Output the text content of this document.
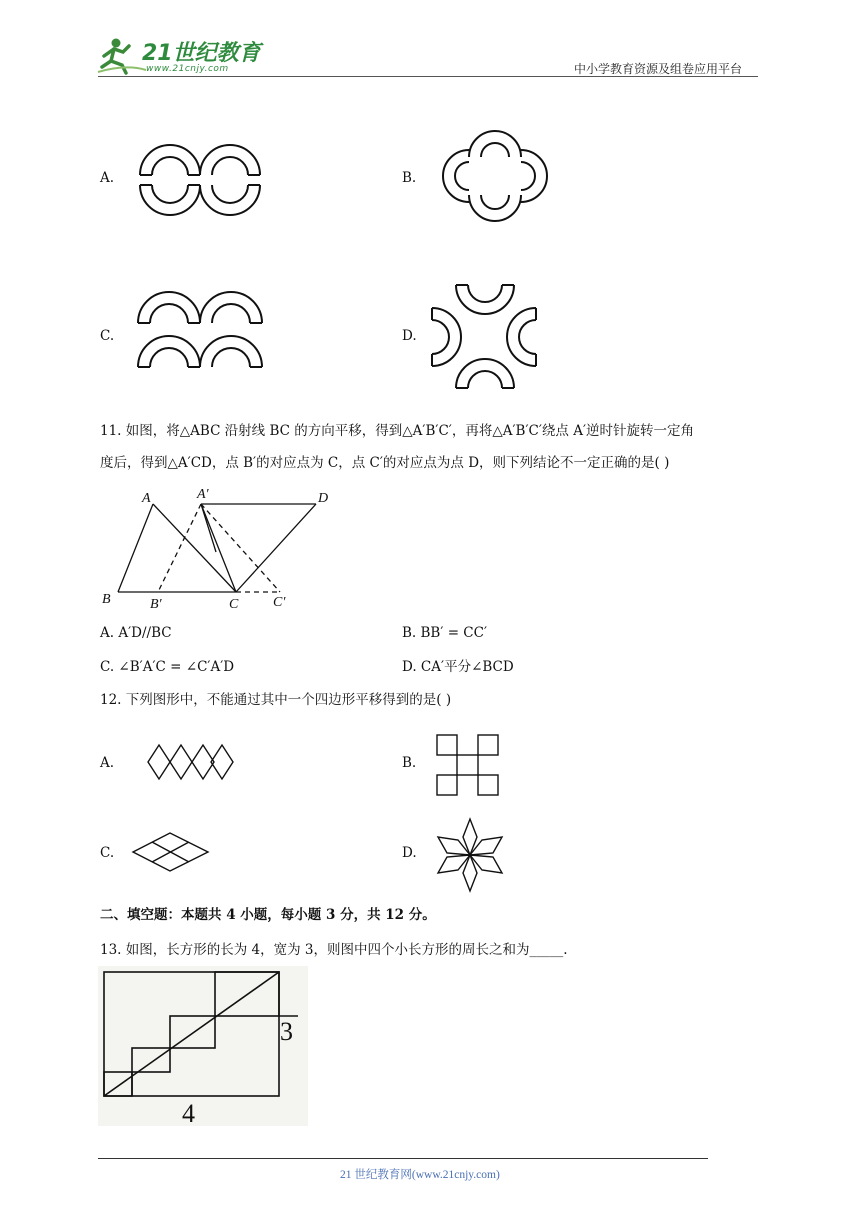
21世纪教育
www.21cnjy.com	中小学教育资源及组卷应用平台
A.	B.
C.	D.
11. 如图，将△ABC 沿射线 BC 的方向平移，得到△A′B′C′，再将△A′B′C′绕点 A′逆时针旋转一定角
度后，得到△A′CD，点 B′的对应点为 C，点 C′的对应点为点 D，则下列结论不一定正确的是( )
A	A′	D
B	B′	C C′
A. A′D//BC	B. BB′ = CC′
C. ∠B′A′C = ∠C′A′D	D. CA′平分∠BCD
12. 下列图形中，不能通过其中一个四边形平移得到的是( )
A.	B.
C.	D.
二、填空题：本题共 4 小题，每小题 3 分，共 12 分。
13. 如图，长方形的长为 4，宽为 3，则图中四个小长方形的周长之和为_____.
3
4
21 世纪教育网(www.21cnjy.com)
